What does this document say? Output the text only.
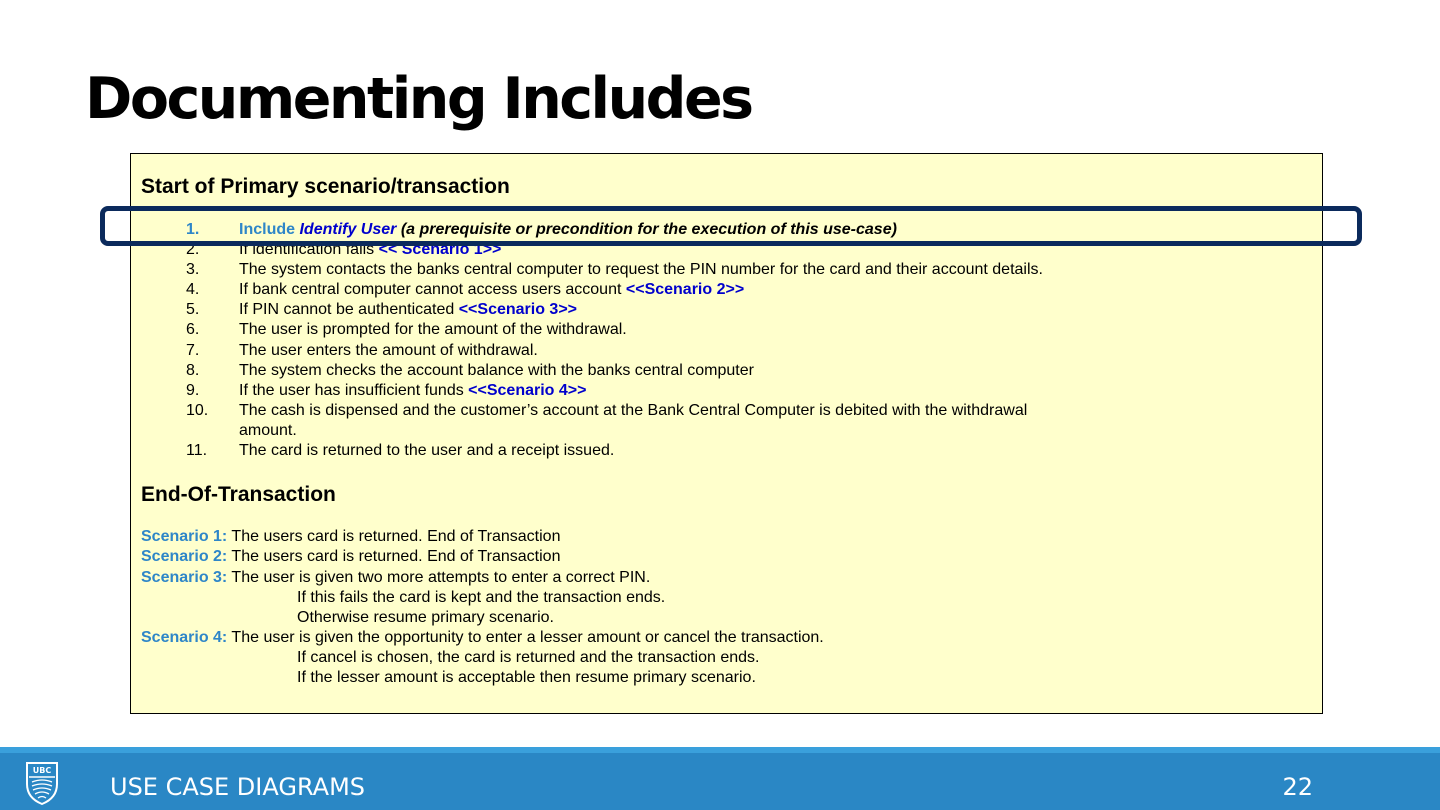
Documenting Includes
Start of Primary scenario/transaction
1. Include Identify User (a prerequisite or precondition for the execution of this use-case)
2. If identification fails << Scenario 1>>
3. The system contacts the banks central computer to request the PIN number for the card and their account details.
4. If bank central computer cannot access users account <<Scenario 2>>
5. If PIN cannot be authenticated <<Scenario 3>>
6. The user is prompted for the amount of the withdrawal.
7. The user enters the amount of withdrawal.
8. The system checks the account balance with the banks central computer
9. If the user has insufficient funds <<Scenario 4>>
10. The cash is dispensed and the customer’s account at the Bank Central Computer is debited with the withdrawal
amount.
11. The card is returned to the user and a receipt issued.
End-Of-Transaction
Scenario 1: The users card is returned. End of Transaction
Scenario 2: The users card is returned. End of Transaction
Scenario 3: The user is given two more attempts to enter a correct PIN.
If this fails the card is kept and the transaction ends.
Otherwise resume primary scenario.
Scenario 4: The user is given the opportunity to enter a lesser amount or cancel the transaction.
If cancel is chosen, the card is returned and the transaction ends.
If the lesser amount is acceptable then resume primary scenario.
UBC
USE CASE DIAGRAMS	22
